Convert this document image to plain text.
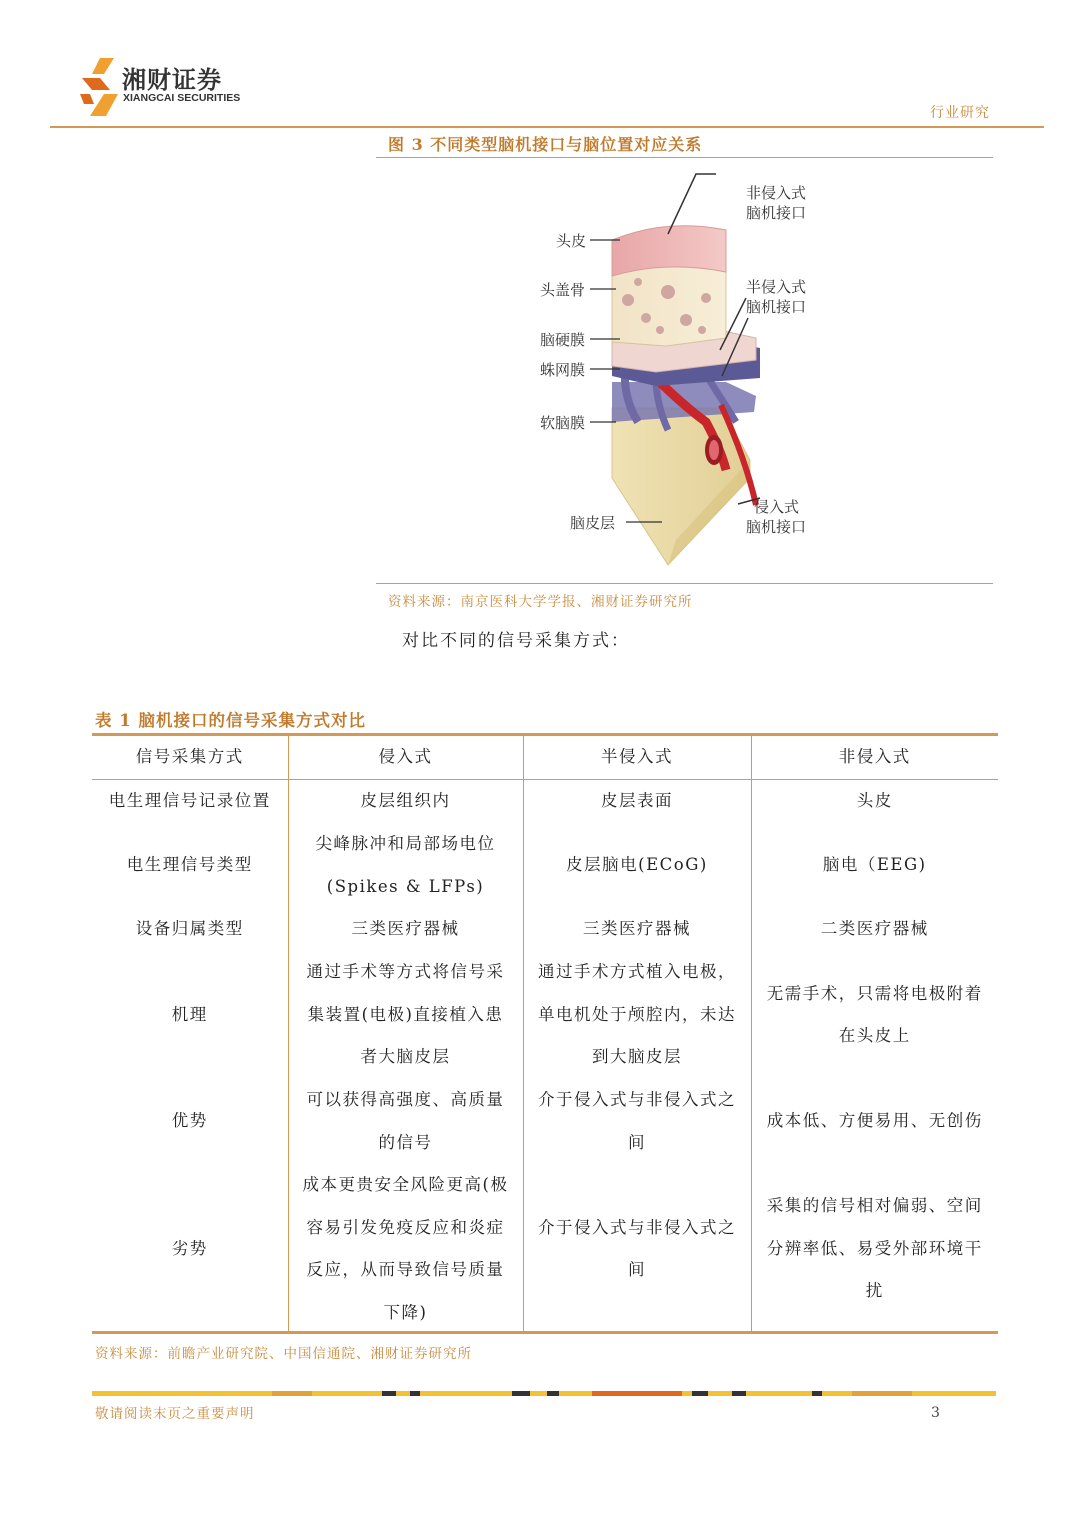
湘财证券
XIANGCAI SECURITIES
行业研究
图 3 不同类型脑机接口与脑位置对应关系
头皮
头盖骨
脑硬膜
蛛网膜
软脑膜
脑皮层
非侵入式
脑机接口
半侵入式
脑机接口
侵入式
脑机接口
资料来源：南京医科大学学报、湘财证券研究所
对比不同的信号采集方式：
表 1 脑机接口的信号采集方式对比
信号采集方式	侵入式	半侵入式	非侵入式
电生理信号记录位置	皮层组织内	皮层表面	头皮
电生理信号类型	尖峰脉冲和局部场电位(Spikes & LFPs)	皮层脑电(ECoG)	脑电（EEG)
设备归属类型	三类医疗器械	三类医疗器械	二类医疗器械
机理	通过手术等方式将信号采集装置(电极)直接植入患者大脑皮层	通过手术方式植入电极，单电机处于颅腔内，未达到大脑皮层	无需手术，只需将电极附着在头皮上
优势	可以获得高强度、高质量的信号	介于侵入式与非侵入式之间	成本低、方便易用、无创伤
劣势	成本更贵安全风险更高(极容易引发免疫反应和炎症反应，从而导致信号质量下降)	介于侵入式与非侵入式之间	采集的信号相对偏弱、空间分辨率低、易受外部环境干扰
资料来源：前瞻产业研究院、中国信通院、湘财证券研究所
敬请阅读末页之重要声明	3
